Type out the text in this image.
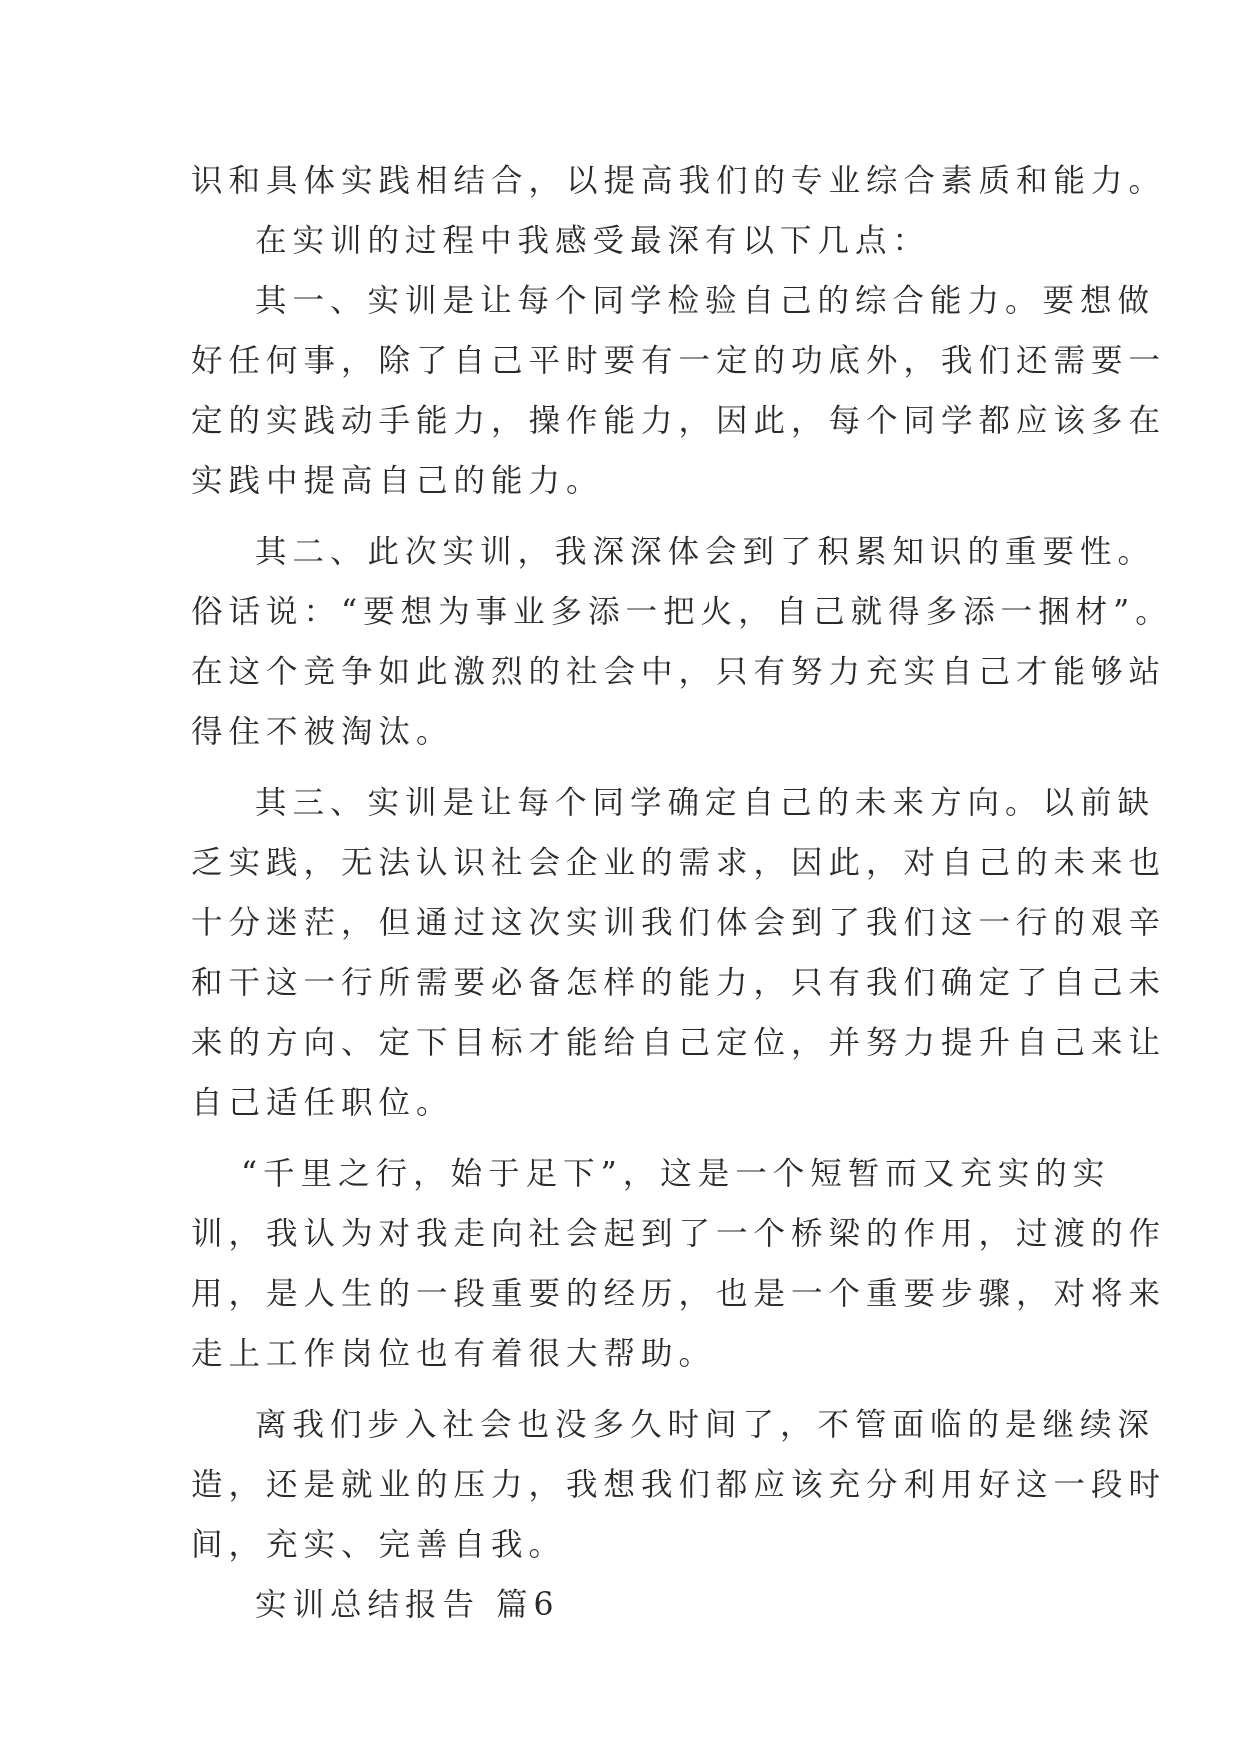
识和具体实践相结合，以提高我们的专业综合素质和能力。
在实训的过程中我感受最深有以下几点：
其一、实训是让每个同学检验自己的综合能力。要想做
好任何事，除了自己平时要有一定的功底外，我们还需要一
定的实践动手能力，操作能力，因此，每个同学都应该多在
实践中提高自己的能力。
其二、此次实训，我深深体会到了积累知识的重要性。
俗话说：“要想为事业多添一把火，自己就得多添一捆材”。
在这个竞争如此激烈的社会中，只有努力充实自己才能够站
得住不被淘汰。
其三、实训是让每个同学确定自己的未来方向。以前缺
乏实践，无法认识社会企业的需求，因此，对自己的未来也
十分迷茫，但通过这次实训我们体会到了我们这一行的艰辛
和干这一行所需要必备怎样的能力，只有我们确定了自己未
来的方向、定下目标才能给自己定位，并努力提升自己来让
自己适任职位。
“千里之行，始于足下”，这是一个短暂而又充实的实
训，我认为对我走向社会起到了一个桥梁的作用，过渡的作
用，是人生的一段重要的经历，也是一个重要步骤，对将来
走上工作岗位也有着很大帮助。
离我们步入社会也没多久时间了，不管面临的是继续深
造，还是就业的压力，我想我们都应该充分利用好这一段时
间，充实、完善自我。
实训总结报告 篇6
